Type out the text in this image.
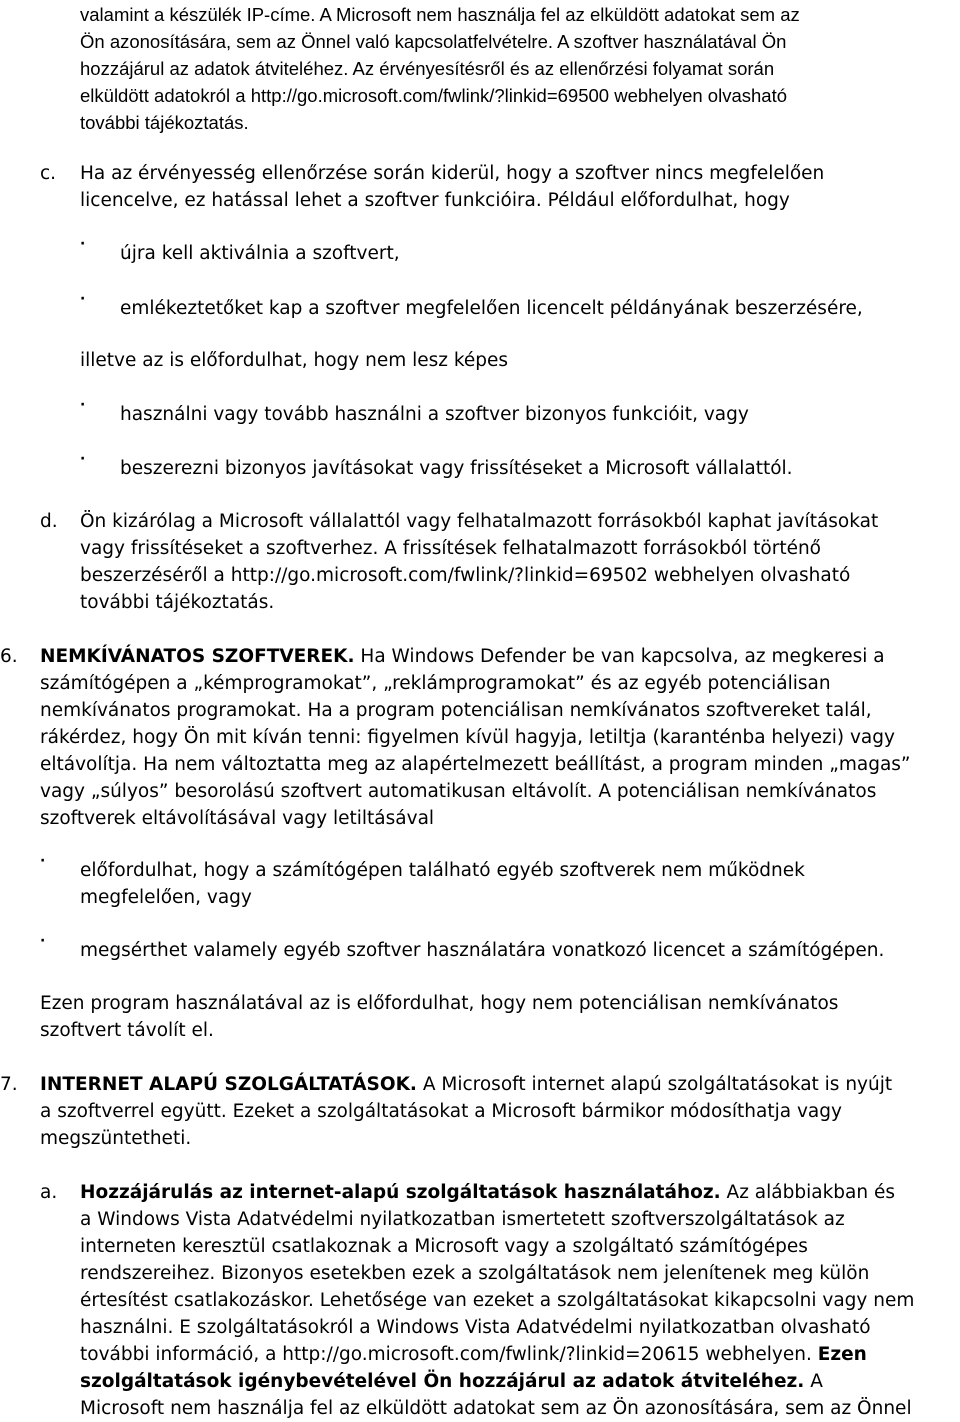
valamint a készülék IP-címe. A Microsoft nem használja fel az elküldött adatokat sem az
Ön azonosítására, sem az Önnel való kapcsolatfelvételre. A szoftver használatával Ön
hozzájárul az adatok átviteléhez. Az érvényesítésről és az ellenőrzési folyamat során
elküldött adatokról a http://go.microsoft.com/fwlink/?linkid=69500 webhelyen olvasható
további tájékoztatás.
c. Ha az érvényesség ellenőrzése során kiderül, hogy a szoftver nincs megfelelően
licencelve, ez hatással lehet a szoftver funkcióira. Például előfordulhat, hogy
· újra kell aktiválnia a szoftvert,
· emlékeztetőket kap a szoftver megfelelően licencelt példányának beszerzésére,
illetve az is előfordulhat, hogy nem lesz képes
· használni vagy tovább használni a szoftver bizonyos funkcióit, vagy
· beszerezni bizonyos javításokat vagy frissítéseket a Microsoft vállalattól.
d. Ön kizárólag a Microsoft vállalattól vagy felhatalmazott forrásokból kaphat javításokat
vagy frissítéseket a szoftverhez. A frissítések felhatalmazott forrásokból történő
beszerzéséről a http://go.microsoft.com/fwlink/?linkid=69502 webhelyen olvasható
további tájékoztatás.
6. NEMKÍVÁNATOS SZOFTVEREK. Ha Windows Defender be van kapcsolva, az megkeresi a
számítógépen a „kémprogramokat”, „reklámprogramokat” és az egyéb potenciálisan
nemkívánatos programokat. Ha a program potenciálisan nemkívánatos szoftvereket talál,
rákérdez, hogy Ön mit kíván tenni: figyelmen kívül hagyja, letiltja (karanténba helyezi) vagy
eltávolítja. Ha nem változtatta meg az alapértelmezett beállítást, a program minden „magas”
vagy „súlyos” besorolású szoftvert automatikusan eltávolít. A potenciálisan nemkívánatos
szoftverek eltávolításával vagy letiltásával
· előfordulhat, hogy a számítógépen található egyéb szoftverek nem működnek
megfelelően, vagy
· megsérthet valamely egyéb szoftver használatára vonatkozó licencet a számítógépen.
Ezen program használatával az is előfordulhat, hogy nem potenciálisan nemkívánatos
szoftvert távolít el.
7. INTERNET ALAPÚ SZOLGÁLTATÁSOK. A Microsoft internet alapú szolgáltatásokat is nyújt
a szoftverrel együtt. Ezeket a szolgáltatásokat a Microsoft bármikor módosíthatja vagy
megszüntetheti.
a. Hozzájárulás az internet-alapú szolgáltatások használatához. Az alábbiakban és
a Windows Vista Adatvédelmi nyilatkozatban ismertetett szoftverszolgáltatások az
interneten keresztül csatlakoznak a Microsoft vagy a szolgáltató számítógépes
rendszereihez. Bizonyos esetekben ezek a szolgáltatások nem jelenítenek meg külön
értesítést csatlakozáskor. Lehetősége van ezeket a szolgáltatásokat kikapcsolni vagy nem
használni. E szolgáltatásokról a Windows Vista Adatvédelmi nyilatkozatban olvasható
további információ, a http://go.microsoft.com/fwlink/?linkid=20615 webhelyen. Ezen
szolgáltatások igénybevételével Ön hozzájárul az adatok átviteléhez. A
Microsoft nem használja fel az elküldött adatokat sem az Ön azonosítására, sem az Önnel
